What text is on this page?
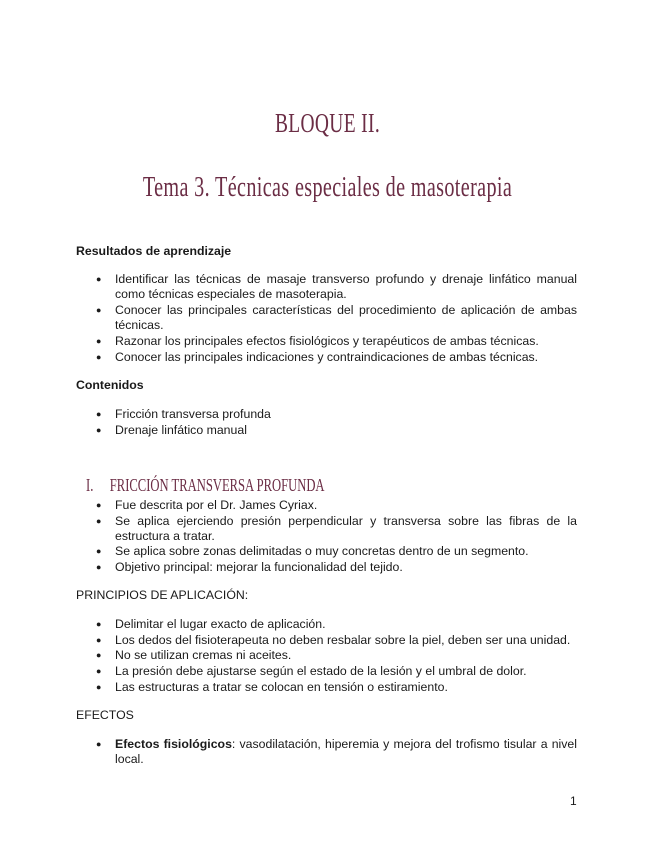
BLOQUE II.
Tema 3. Técnicas especiales de masoterapia
Resultados de aprendizaje
● Identificar las técnicas de masaje transverso profundo y drenaje linfático manual como técnicas especiales de masoterapia.
● Conocer las principales características del procedimiento de aplicación de ambas técnicas.
● Razonar los principales efectos fisiológicos y terapéuticos de ambas técnicas.
● Conocer las principales indicaciones y contraindicaciones de ambas técnicas.
Contenidos
● Fricción transversa profunda
● Drenaje linfático manual
I. FRICCIÓN TRANSVERSA PROFUNDA
● Fue descrita por el Dr. James Cyriax.
● Se aplica ejerciendo presión perpendicular y transversa sobre las fibras de la estructura a tratar.
● Se aplica sobre zonas delimitadas o muy concretas dentro de un segmento.
● Objetivo principal: mejorar la funcionalidad del tejido.
PRINCIPIOS DE APLICACIÓN:
● Delimitar el lugar exacto de aplicación.
● Los dedos del fisioterapeuta no deben resbalar sobre la piel, deben ser una unidad.
● No se utilizan cremas ni aceites.
● La presión debe ajustarse según el estado de la lesión y el umbral de dolor.
● Las estructuras a tratar se colocan en tensión o estiramiento.
EFECTOS
● Efectos fisiológicos: vasodilatación, hiperemia y mejora del trofismo tisular a nivel local.
1
